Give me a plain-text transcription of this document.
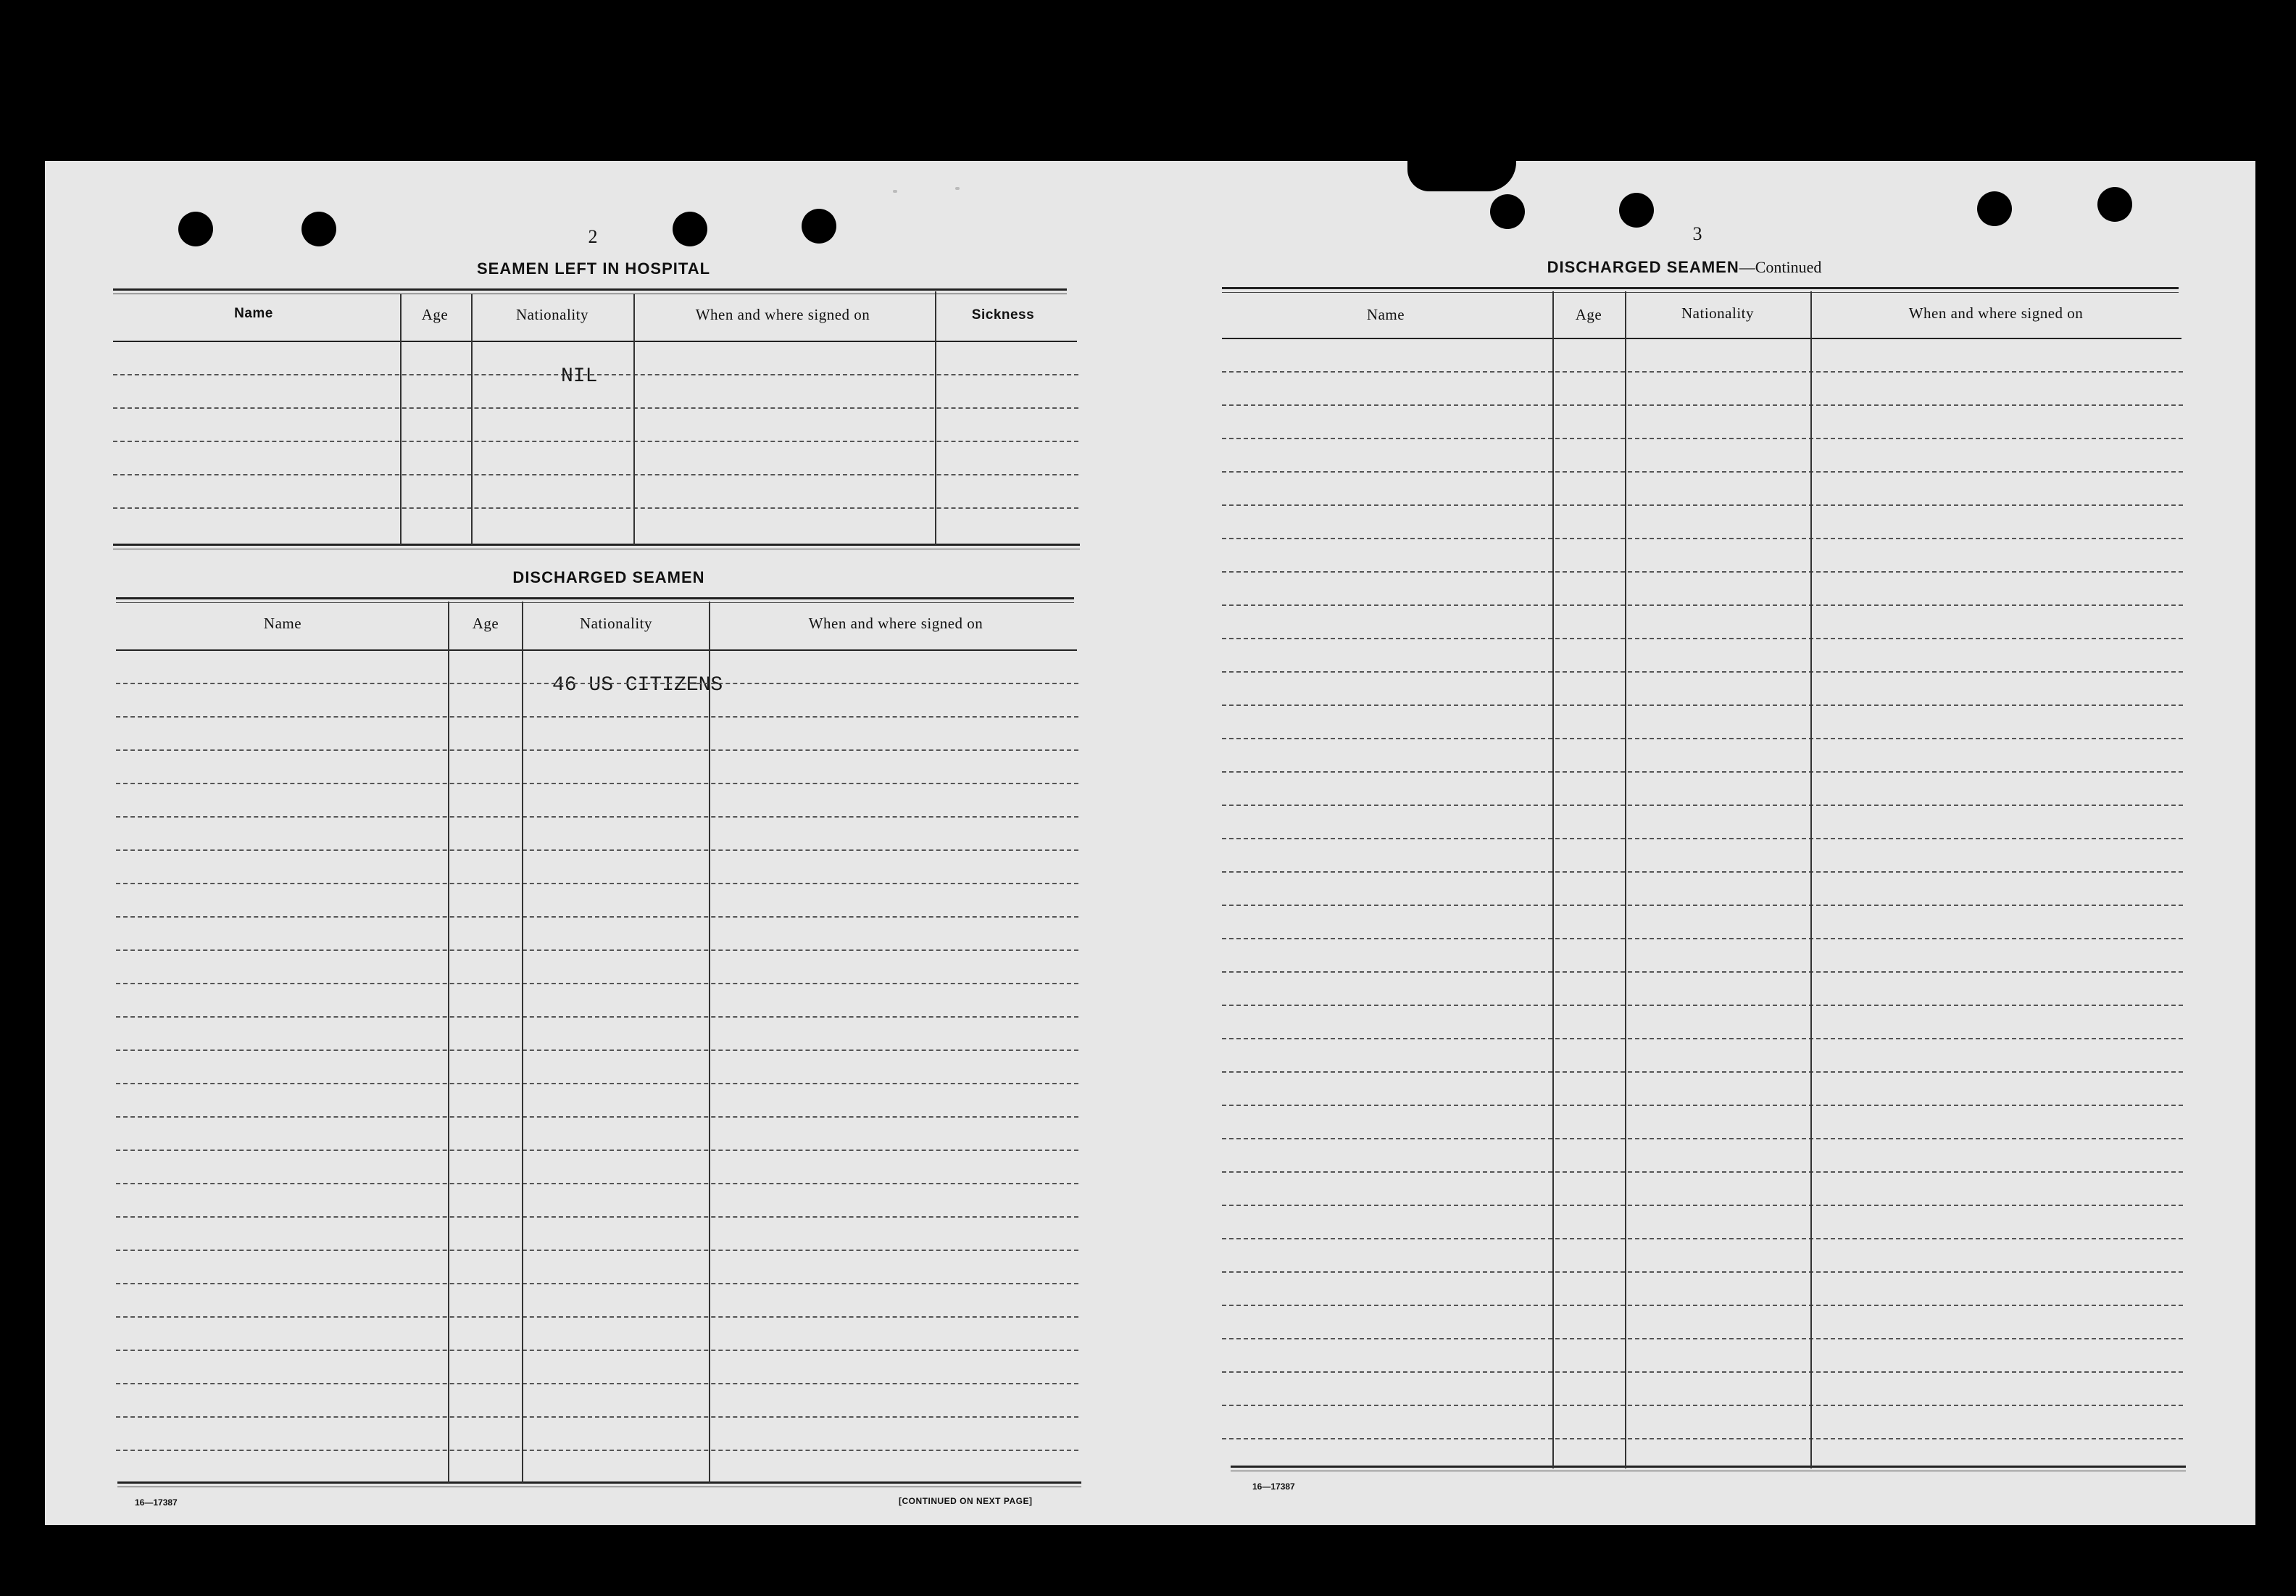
2
SEAMEN LEFT IN HOSPITAL
Name	Age	Nationality	When and where signed on	Sickness
NIL
DISCHARGED SEAMEN
Name	Age	Nationality	When and where signed on
46 US CITIZENS
16—17387	[CONTINUED ON NEXT PAGE]
3
DISCHARGED SEAMEN—Continued
Name	Age	Nationality	When and where signed on
16—17387
